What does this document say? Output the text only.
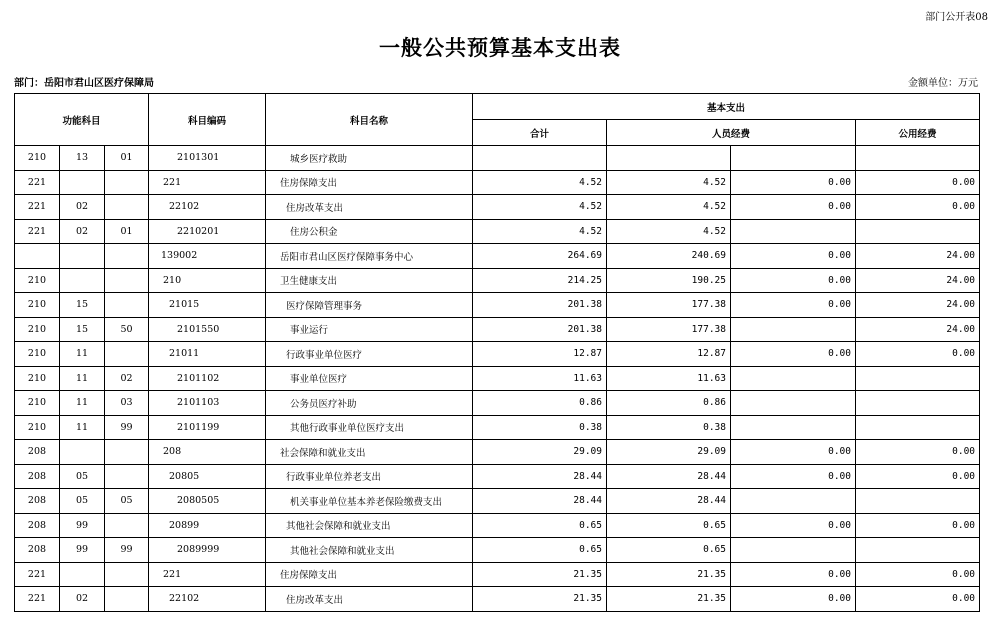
部门公开表08
一般公共预算基本支出表
部门：岳阳市君山区医疗保障局	金额单位：万元
功能科目			科目编码	科目名称	基本支出			
					合计	人员经费		公用经费
210	13	01	2101301	城乡医疗救助				
221			221	住房保障支出	4.52	4.52	0.00	0.00
221	02		22102	住房改革支出	4.52	4.52	0.00	0.00
221	02	01	2210201	住房公积金	4.52	4.52		
			139002	岳阳市君山区医疗保障事务中心	264.69	240.69	0.00	24.00
210			210	卫生健康支出	214.25	190.25	0.00	24.00
210	15		21015	医疗保障管理事务	201.38	177.38	0.00	24.00
210	15	50	2101550	事业运行	201.38	177.38		24.00
210	11		21011	行政事业单位医疗	12.87	12.87	0.00	0.00
210	11	02	2101102	事业单位医疗	11.63	11.63		
210	11	03	2101103	公务员医疗补助	0.86	0.86		
210	11	99	2101199	其他行政事业单位医疗支出	0.38	0.38		
208			208	社会保障和就业支出	29.09	29.09	0.00	0.00
208	05		20805	行政事业单位养老支出	28.44	28.44	0.00	0.00
208	05	05	2080505	机关事业单位基本养老保险缴费支出	28.44	28.44		
208	99		20899	其他社会保障和就业支出	0.65	0.65	0.00	0.00
208	99	99	2089999	其他社会保障和就业支出	0.65	0.65		
221			221	住房保障支出	21.35	21.35	0.00	0.00
221	02		22102	住房改革支出	21.35	21.35	0.00	0.00
